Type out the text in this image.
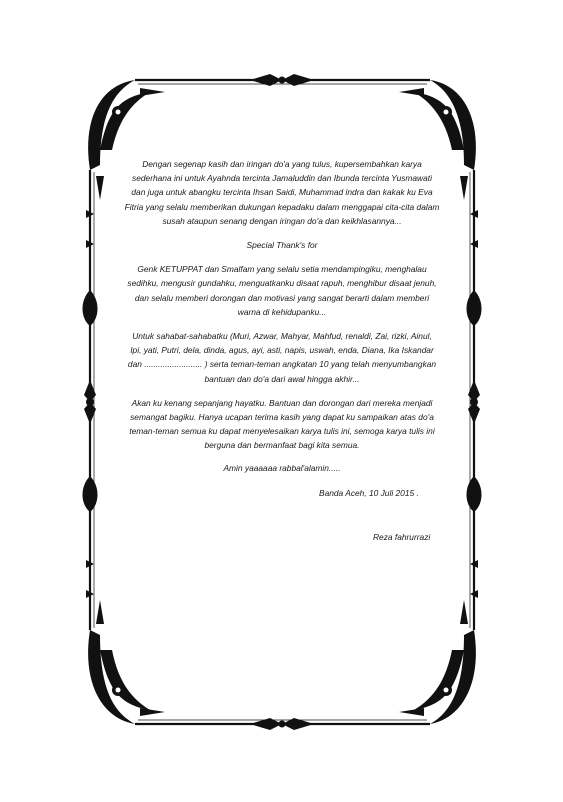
Dengan segenap kasih dan iringan do'a yang tulus, kupersembahkan karya
sederhana ini untuk Ayahnda tercinta Jamaluddin dan Ibunda tercinta Yusmawati
dan juga untuk abangku tercinta Ihsan Saidi, Muhammad indra dan kakak ku Eva
Fitria yang selalu memberikan dukungan kepadaku dalam menggapai cita-cita dalam
susah ataupun senang dengan iringan do'a dan keikhlasannya...
Special Thank's for
Genk KETUPPAT dan Smalfam yang selalu setia mendampingiku, menghalau
sedihku, mengusir gundahku, menguatkanku disaat rapuh, menghibur disaat jenuh,
dan selalu memberi dorongan dan motivasi yang sangat berarti dalam memberi
warna di kehidupanku...
Untuk sahabat-sahabatku (Muri, Azwar, Mahyar, Mahfud, renaldi, Zai, rizki, Ainul,
Ipi, yati, Putri, dela, dinda, agus, ayi, asti, napis, uswah, enda, Diana, Ika Iskandar
dan ......................... ) serta teman-teman angkatan 10 yang telah menyumbangkan
bantuan dan do'a dari awal hingga akhir...
Akan ku kenang sepanjang hayatku. Bantuan dan dorongan dari mereka menjadi
semangat bagiku. Hanya ucapan terima kasih yang dapat ku sampaikan atas do'a
teman-teman semua ku dapat menyelesaikan karya tulis ini, semoga karya tulis ini
berguna dan bermanfaat bagi kita semua.
Amin yaaaaaa rabbal'alamin.....
Banda Aceh, 10 Juli 2015 .
Reza fahrurrazi
